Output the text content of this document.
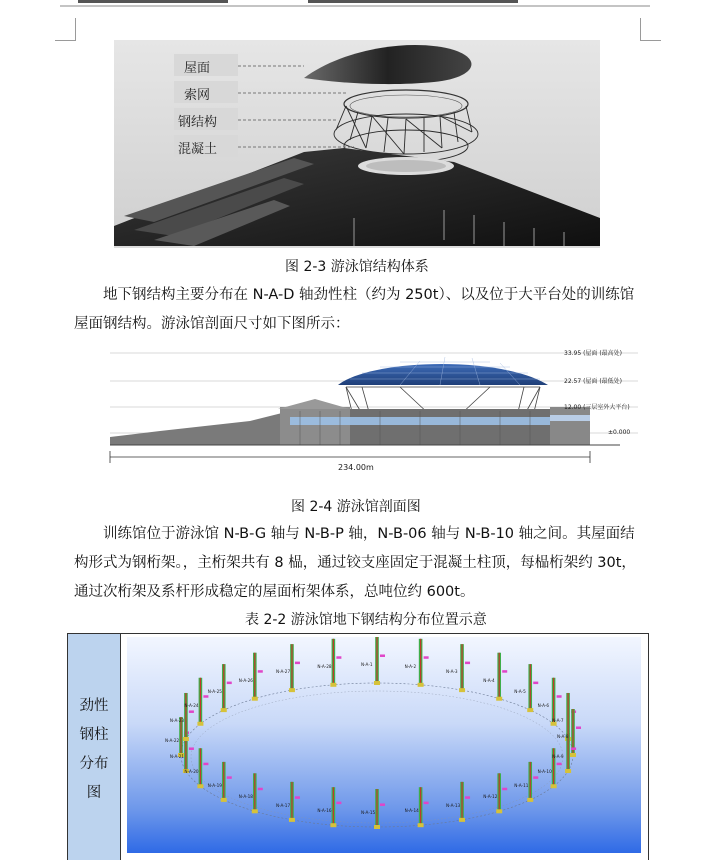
屋面
索网
钢结构
混凝土
图 2-3 游泳馆结构体系
地下钢结构主要分布在 N-A-D 轴劲性柱（约为 250t）、以及位于大平台处的训练馆屋面钢结构。游泳馆剖面尺寸如下图所示：
33.95 (屋面 (最高处)
22.57 (屋面 (最低处)
12.00 (三层室外大平台)
±0.000
234.00m
图 2-4 游泳馆剖面图
训练馆位于游泳馆 N-B-G 轴与 N-B-P 轴，N-B-06 轴与 N-B-10 轴之间。其屋面结构形式为钢桁架。，主桁架共有 8 榀，通过铰支座固定于混凝土柱顶，每榀桁架约 30t，通过次桁架及系杆形成稳定的屋面桁架体系，总吨位约 600t。
表 2-2 游泳馆地下钢结构分布位置示意
劲性
钢柱
分布
图
N-A-1	N-A-2
N-A-3
N-A-4
N-A-5
N-A-6
N-A-7
N-A-8
N-A-9
N-A-10
N-A-11
N-A-12
N-A-13
N-A-14
N-A-15
N-A-16
N-A-17
N-A-18
N-A-19
N-A-20
N-A-21
N-A-22
N-A-23
N-A-24
N-A-25
N-A-26
N-A-27
N-A-28
